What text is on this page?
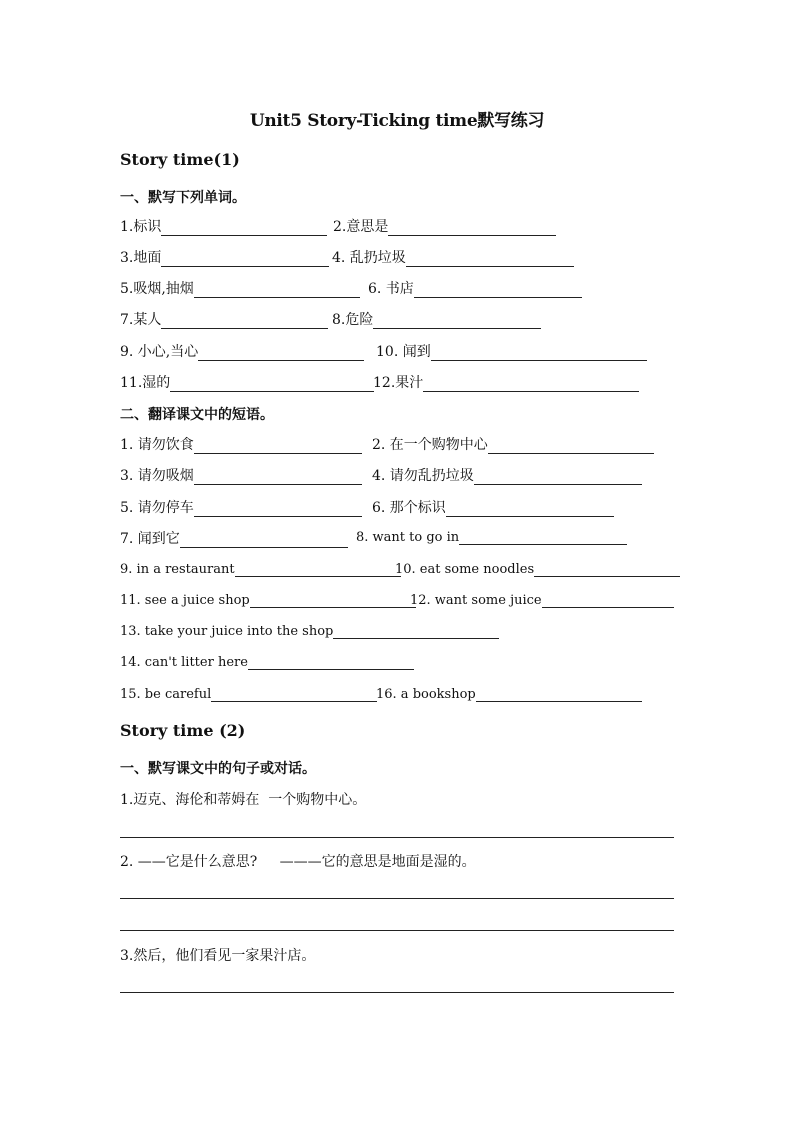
Unit5 Story-Ticking time默写练习
Story time(1)
一、默写下列单词。
1.标识	2.意思是
3.地面	4. 乱扔垃圾
5.吸烟,抽烟	6. 书店
7.某人	8.危险
9. 小心,当心	10. 闻到
11.湿的	12.果汁
二、翻译课文中的短语。
1. 请勿饮食	2. 在一个购物中心
3. 请勿吸烟	4. 请勿乱扔垃圾
5. 请勿停车	6. 那个标识
7. 闻到它	8. want to go in
9. in a restaurant	10. eat some noodles
11. see a juice shop	12. want some juice
13. take your juice into the shop
14. can't litter here
15. be careful	16. a bookshop
Story time (2)
一、默写课文中的句子或对话。
1.迈克、海伦和蒂姆在  一个购物中心。
2. ——它是什么意思?     ———它的意思是地面是湿的。
3.然后，他们看见一家果汁店。
